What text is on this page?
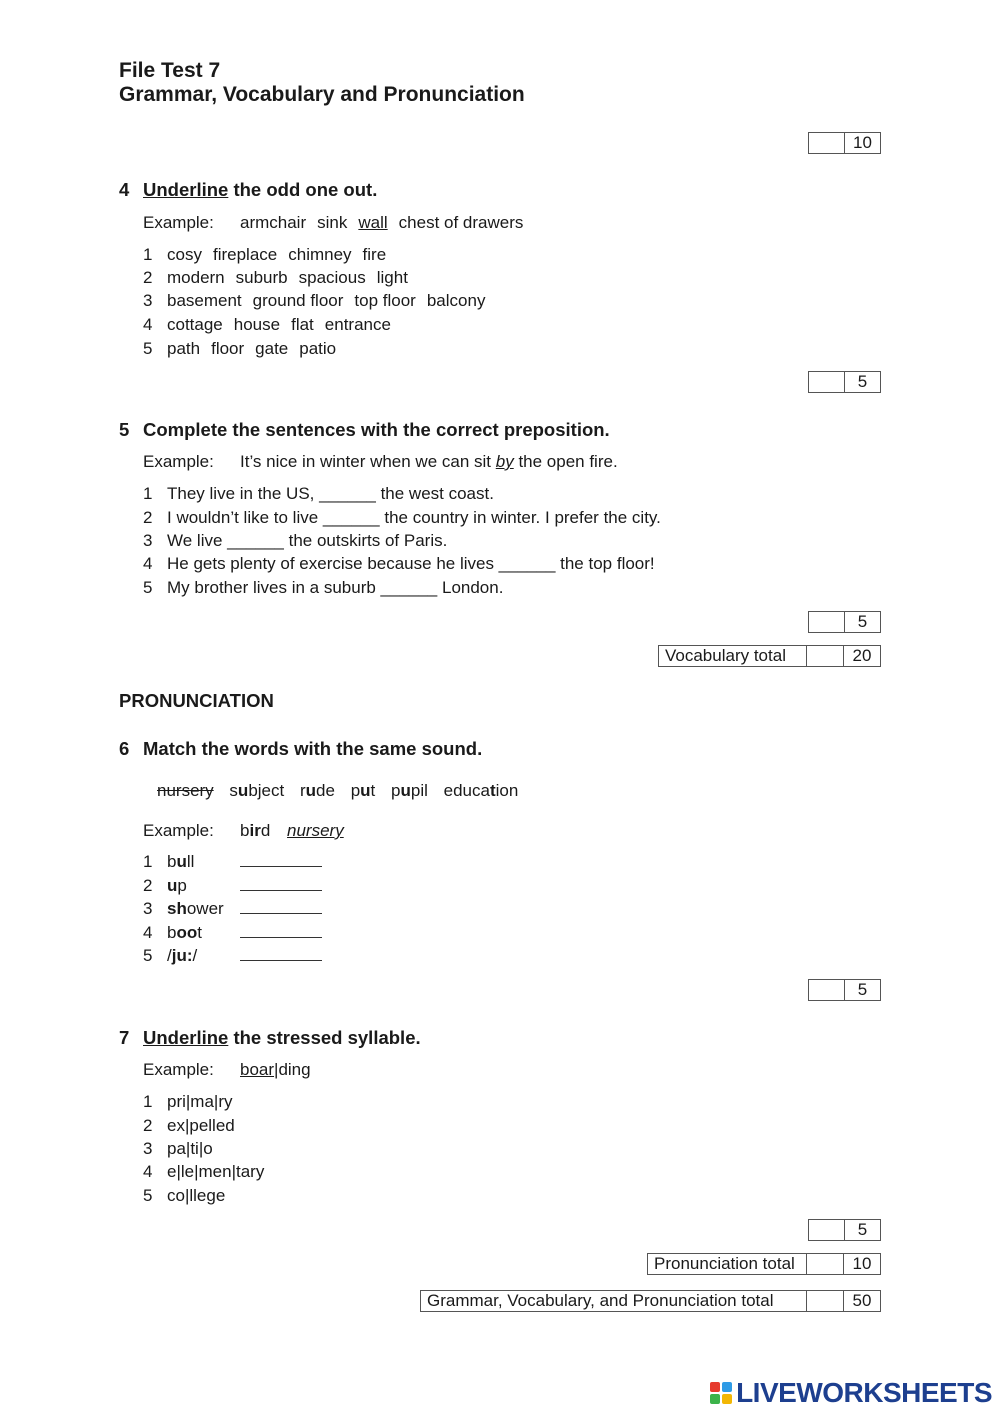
File Test 7
Grammar, Vocabulary and Pronunciation
10
4 Underline the odd one out.
Example: armchair sink wall chest of drawers
1 cosy fireplace chimney fire
2 modern suburb spacious light
3 basement ground floor top floor balcony
4 cottage house flat entrance
5 path floor gate patio
5
5 Complete the sentences with the correct preposition.
Example: It’s nice in winter when we can sit by the open fire.
1 They live in the US, ______ the west coast.
2 I wouldn’t like to live ______ the country in winter. I prefer the city.
3 We live ______ the outskirts of Paris.
4 He gets plenty of exercise because he lives ______ the top floor!
5 My brother lives in a suburb ______ London.
5
Vocabulary total	20
PRONUNCIATION
6 Match the words with the same sound.
nursery subject rude put pupil education
Example: bird nursery
1 bull
2 up
3 shower
4 boot
5 /ju:/
5
7 Underline the stressed syllable.
Example: boar|ding
1 pri|ma|ry
2 ex|pelled
3 pa|ti|o
4 e|le|men|tary
5 co|llege
5
Pronunciation total	10
Grammar, Vocabulary, and Pronunciation total	50
LIVEWORKSHEETS
